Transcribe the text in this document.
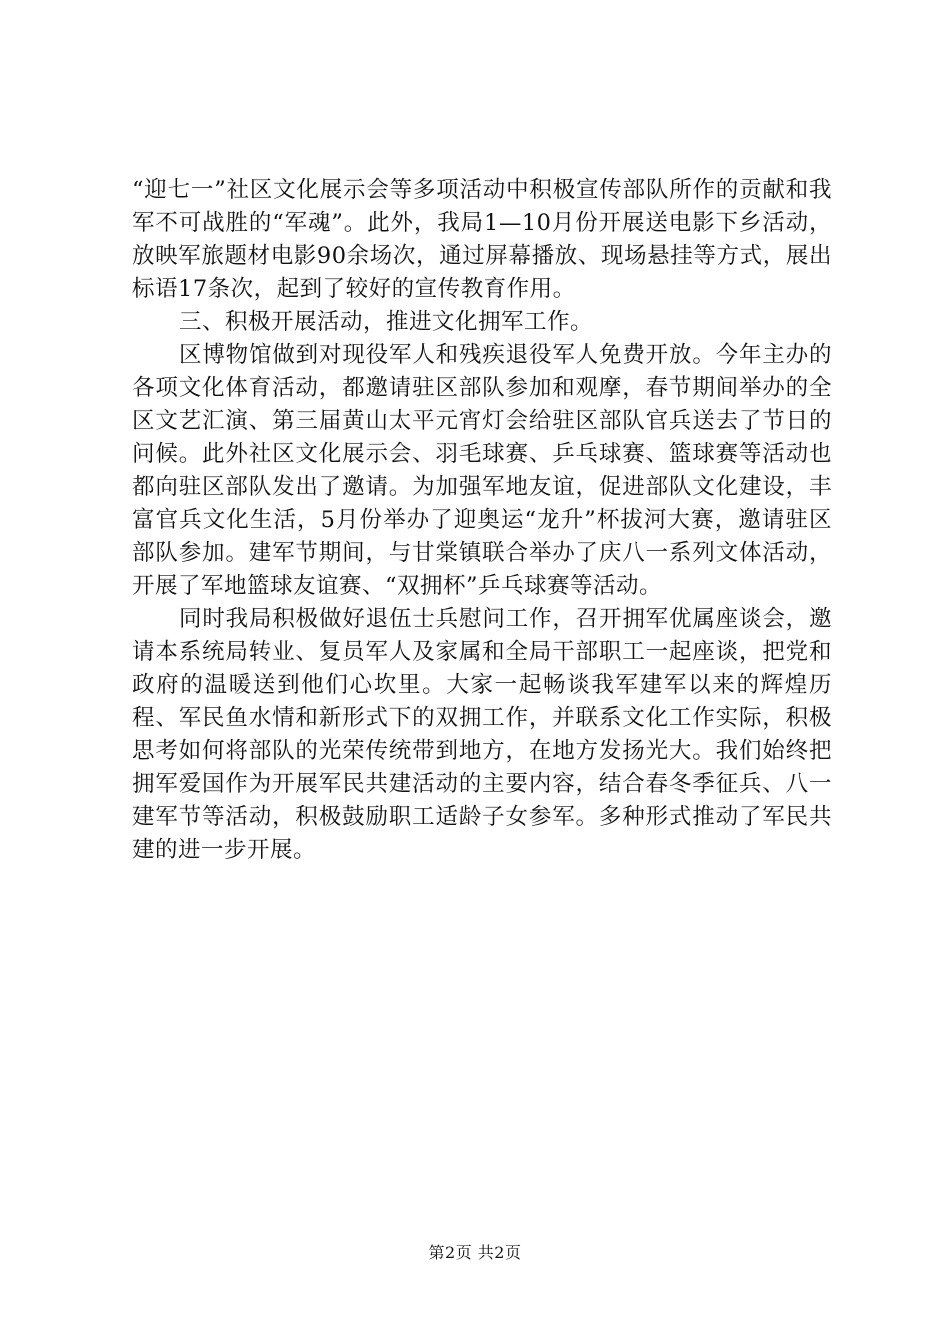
“迎七一”社区文化展示会等多项活动中积极宣传部队所作的贡献和我军不可战胜的“军魂”。此外，我局1—10月份开展送电影下乡活动，放映军旅题材电影90余场次，通过屏幕播放、现场悬挂等方式，展出标语17条次，起到了较好的宣传教育作用。

三、积极开展活动，推进文化拥军工作。

区博物馆做到对现役军人和残疾退役军人免费开放。今年主办的各项文化体育活动，都邀请驻区部队参加和观摩，春节期间举办的全区文艺汇演、第三届黄山太平元宵灯会给驻区部队官兵送去了节日的问候。此外社区文化展示会、羽毛球赛、乒乓球赛、篮球赛等活动也都向驻区部队发出了邀请。为加强军地友谊，促进部队文化建设，丰富官兵文化生活，5月份举办了迎奥运“龙升”杯拔河大赛，邀请驻区部队参加。建军节期间，与甘棠镇联合举办了庆八一系列文体活动，开展了军地篮球友谊赛、“双拥杯”乒乓球赛等活动。

同时我局积极做好退伍士兵慰问工作，召开拥军优属座谈会，邀请本系统局转业、复员军人及家属和全局干部职工一起座谈，把党和政府的温暖送到他们心坎里。大家一起畅谈我军建军以来的辉煌历程、军民鱼水情和新形式下的双拥工作，并联系文化工作实际，积极思考如何将部队的光荣传统带到地方，在地方发扬光大。我们始终把拥军爱国作为开展军民共建活动的主要内容，结合春冬季征兵、八一建军节等活动，积极鼓励职工适龄子女参军。多种形式推动了军民共建的进一步开展。

第2页 共2页
